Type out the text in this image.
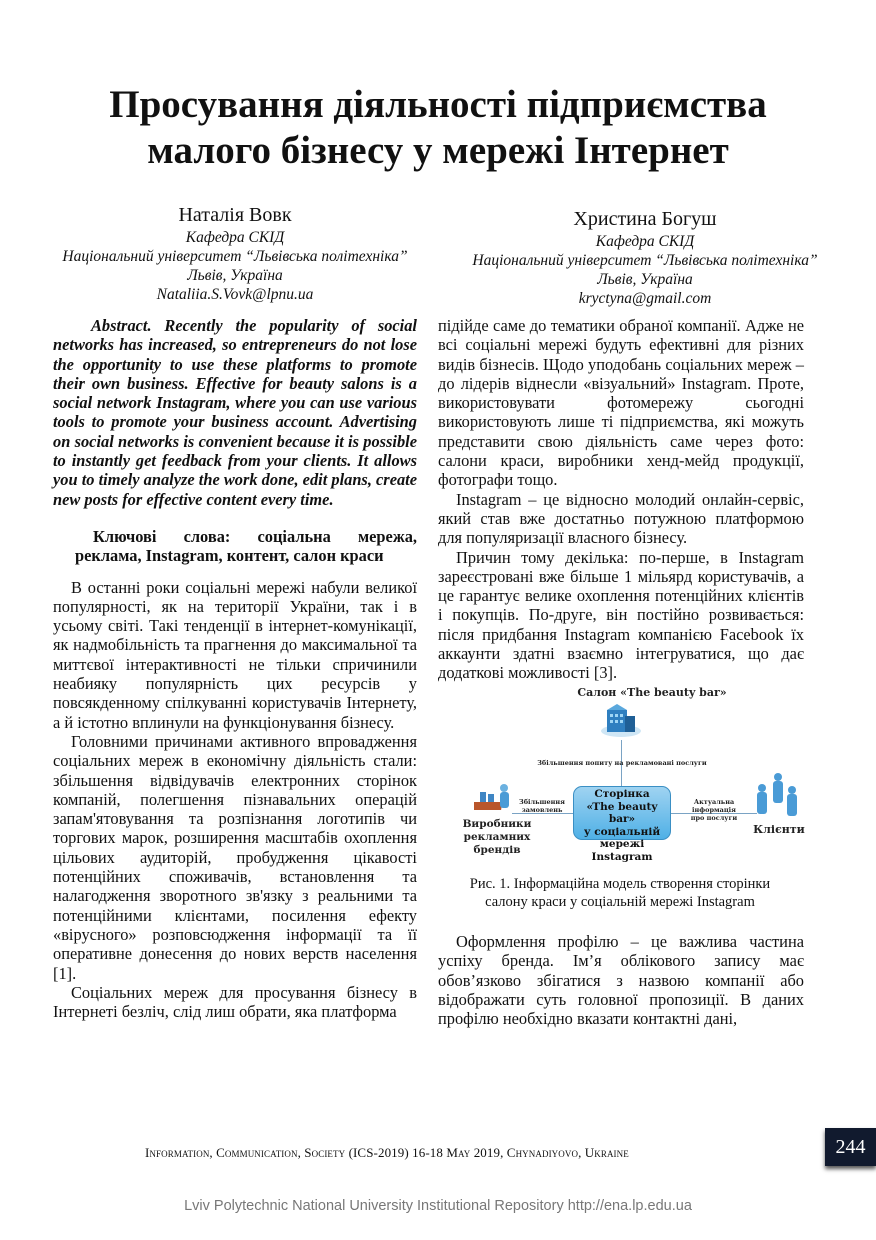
Просування діяльності підприємства
малого бізнесу у мережі Інтернет
Наталія Вовк
Кафедра СКІД
Національний університет “Львівська політехніка”
Львів, Україна
Nataliia.S.Vovk@lpnu.ua
Христина Богуш
Кафедра СКІД
Національний університет “Львівська політехніка”
Львів, Україна
kryctyna@gmail.com

Abstract. Recently the popularity of social networks has increased, so entrepreneurs do not lose the opportunity to use these platforms to promote their own business. Effective for beauty salons is a social network Instagram, where you can use various tools to promote your business account. Advertising on social networks is convenient because it is possible to instantly get feedback from your clients. It allows you to timely analyze the work done, edit plans, create new posts for effective content every time.

Ключові слова: соціальна мережа, реклама, Instagram, контент, салон краси

В останні роки соціальні мережі набули великої популярності, як на території України, так і в усьому світі. Такі тенденції в інтернет-комунікації, як надмобільність та прагнення до максимальної та миттєвої інтерактивності не тільки спричинили неабияку популярність цих ресурсів у повсякденному спілкуванні користувачів Інтернету, а й істотно вплинули на функціонування бізнесу.

Головними причинами активного впровадження соціальних мереж в економічну діяльність стали: збільшення відвідувачів електронних сторінок компаній, полегшення пізнавальних операцій запам'ятовування та розпізнання логотипів чи торгових марок, розширення масштабів охоплення цільових аудиторій, пробудження цікавості потенційних споживачів, встановлення та налагодження зворотного зв'язку з реальними та потенційними клієнтами, посилення ефекту «вірусного» розповсюдження інформації та її оперативне донесення до нових верств населення [1].

Соціальних мереж для просування бізнесу в Інтернеті безліч, слід лиш обрати, яка платформа

підійде саме до тематики обраної компанії. Адже не всі соціальні мережі будуть ефективні для різних видів бізнесів. Щодо уподобань соціальних мереж – до лідерів віднесли «візуальний» Instagram. Проте, використовувати фотомережу сьогодні використовують лише ті підприємства, які можуть представити свою діяльність саме через фото: салони краси, виробники хенд-мейд продукції, фотографи тощо.

Instagram – це відносно молодий онлайн-сервіс, який став вже достатньо потужною платформою для популяризації власного бізнесу.

Причин тому декілька: по-перше, в Instagram зареєстровані вже більше 1 мільярд користувачів, а це гарантує велике охоплення потенційних клієнтів і покупців. По-друге, він постійно розвивається: після придбання Instagram компанією Facebook їх аккаунти здатні взаємно інтегруватися, що дає додаткові можливості [3].

Салон «The beauty bar»
Збільшення попиту на рекламовані послуги
Сторінка
«The beauty bar»
у соціальній
мережі Instagram
Збільшення
замовлень
Актуальна інформація
про послуги
Виробники
рекламних
брендів
Клієнти
Рис. 1. Інформаційна модель створення сторінки салону краси у соціальній мережі Instagram

Оформлення профілю – це важлива частина успіху бренда. Ім’я облікового запису має обов’язково збігатися з назвою компанії або відображати суть головної пропозиції. В даних профілю необхідно вказати контактні дані,

Information, Communication, Society (ICS-2019) 16-18 May 2019, Chynadiyovo, Ukraine	244
Lviv Polytechnic National University Institutional Repository http://ena.lp.edu.ua
